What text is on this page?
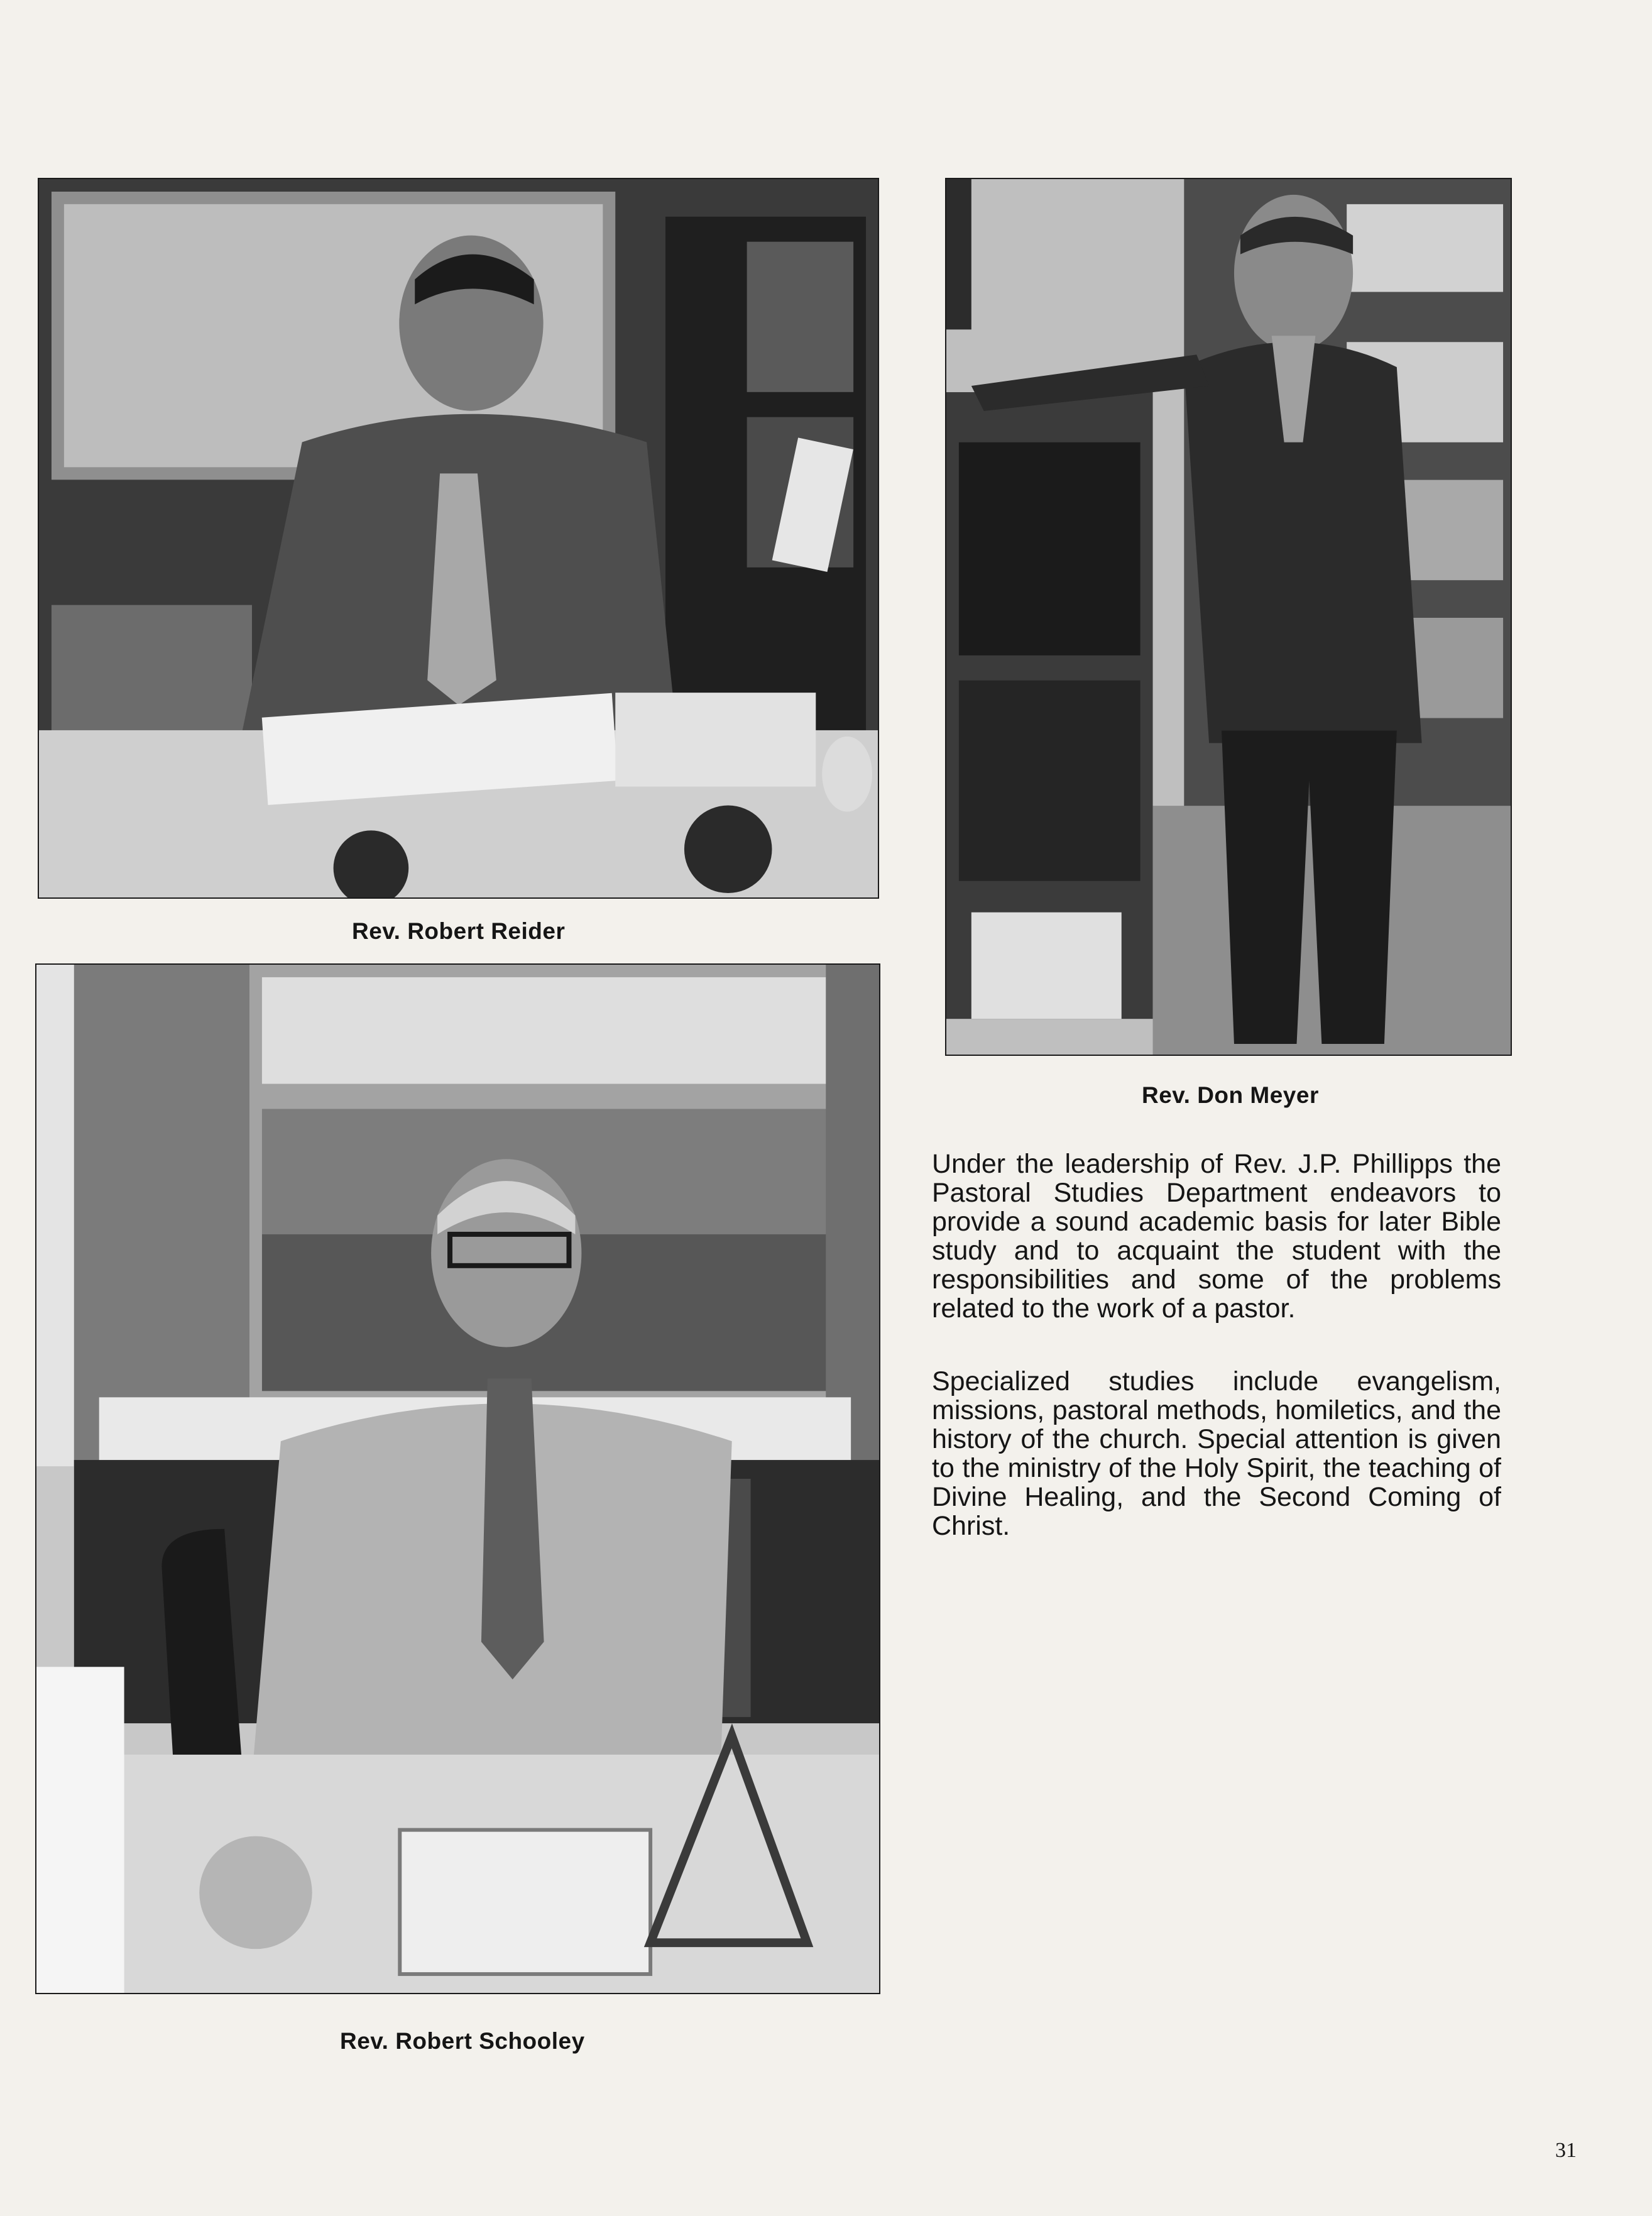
Rev. Robert Reider
Rev. Don Meyer
Rev. Robert Schooley

Under the leadership of Rev. J.P. Phillipps the Pastoral Studies Department endeavors to provide a sound academic basis for later Bible study and to acquaint the student with the responsibilities and some of the problems related to the work of a pastor.

Specialized studies include evangelism, missions, pastoral methods, homiletics, and the history of the church. Special attention is given to the ministry of the Holy Spirit, the teaching of Divine Healing, and the Second Coming of Christ.

31
